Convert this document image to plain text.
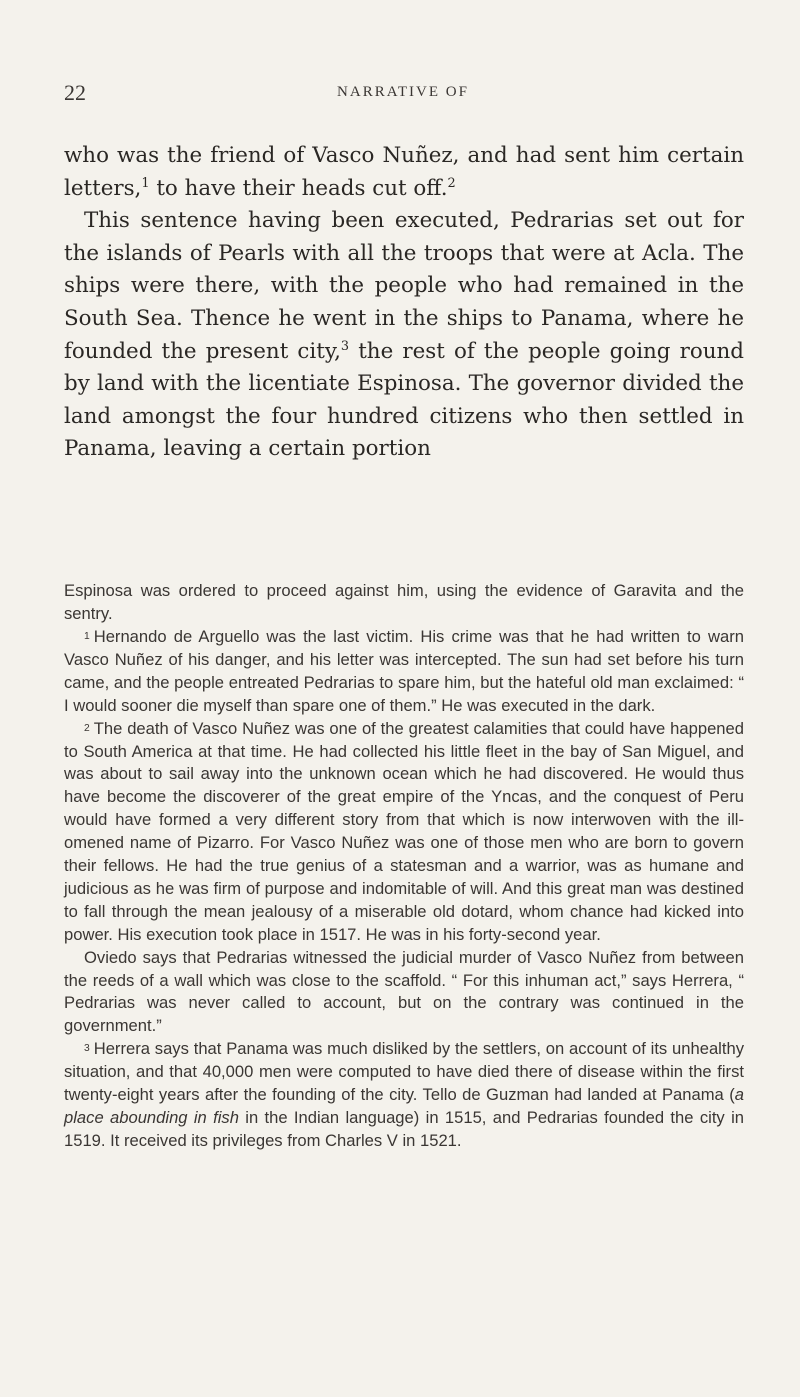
22	NARRATIVE OF

who was the friend of Vasco Nuñez, and had sent him certain letters,$^1$ to have their heads cut off.$^2$

This sentence having been executed, Pedrarias set out for the islands of Pearls with all the troops that were at Acla. The ships were there, with the people who had remained in the South Sea. Thence he went in the ships to Panama, where he founded the present city,$^3$ the rest of the people going round by land with the licentiate Espinosa. The governor divided the land amongst the four hundred citizens who then settled in Panama, leaving a certain portion

Espinosa was ordered to proceed against him, using the evidence of Garavita and the sentry.

1 Hernando de Arguello was the last victim. His crime was that he had written to warn Vasco Nuñez of his danger, and his letter was intercepted. The sun had set before his turn came, and the people entreated Pedrarias to spare him, but the hateful old man exclaimed: “ I would sooner die myself than spare one of them.” He was executed in the dark.

2 The death of Vasco Nuñez was one of the greatest calamities that could have happened to South America at that time. He had collected his little fleet in the bay of San Miguel, and was about to sail away into the unknown ocean which he had discovered. He would thus have become the discoverer of the great empire of the Yncas, and the conquest of Peru would have formed a very different story from that which is now interwoven with the ill-omened name of Pizarro. For Vasco Nuñez was one of those men who are born to govern their fellows. He had the true genius of a statesman and a warrior, was as humane and judicious as he was firm of purpose and indomitable of will. And this great man was destined to fall through the mean jealousy of a miserable old dotard, whom chance had kicked into power. His execution took place in 1517. He was in his forty-second year.

Oviedo says that Pedrarias witnessed the judicial murder of Vasco Nuñez from between the reeds of a wall which was close to the scaffold. “ For this inhuman act,” says Herrera, “ Pedrarias was never called to account, but on the contrary was continued in the government.”

3 Herrera says that Panama was much disliked by the settlers, on account of its unhealthy situation, and that 40,000 men were computed to have died there of disease within the first twenty-eight years after the founding of the city. Tello de Guzman had landed at Panama (a place abounding in fish in the Indian language) in 1515, and Pedrarias founded the city in 1519. It received its privileges from Charles V in 1521.
